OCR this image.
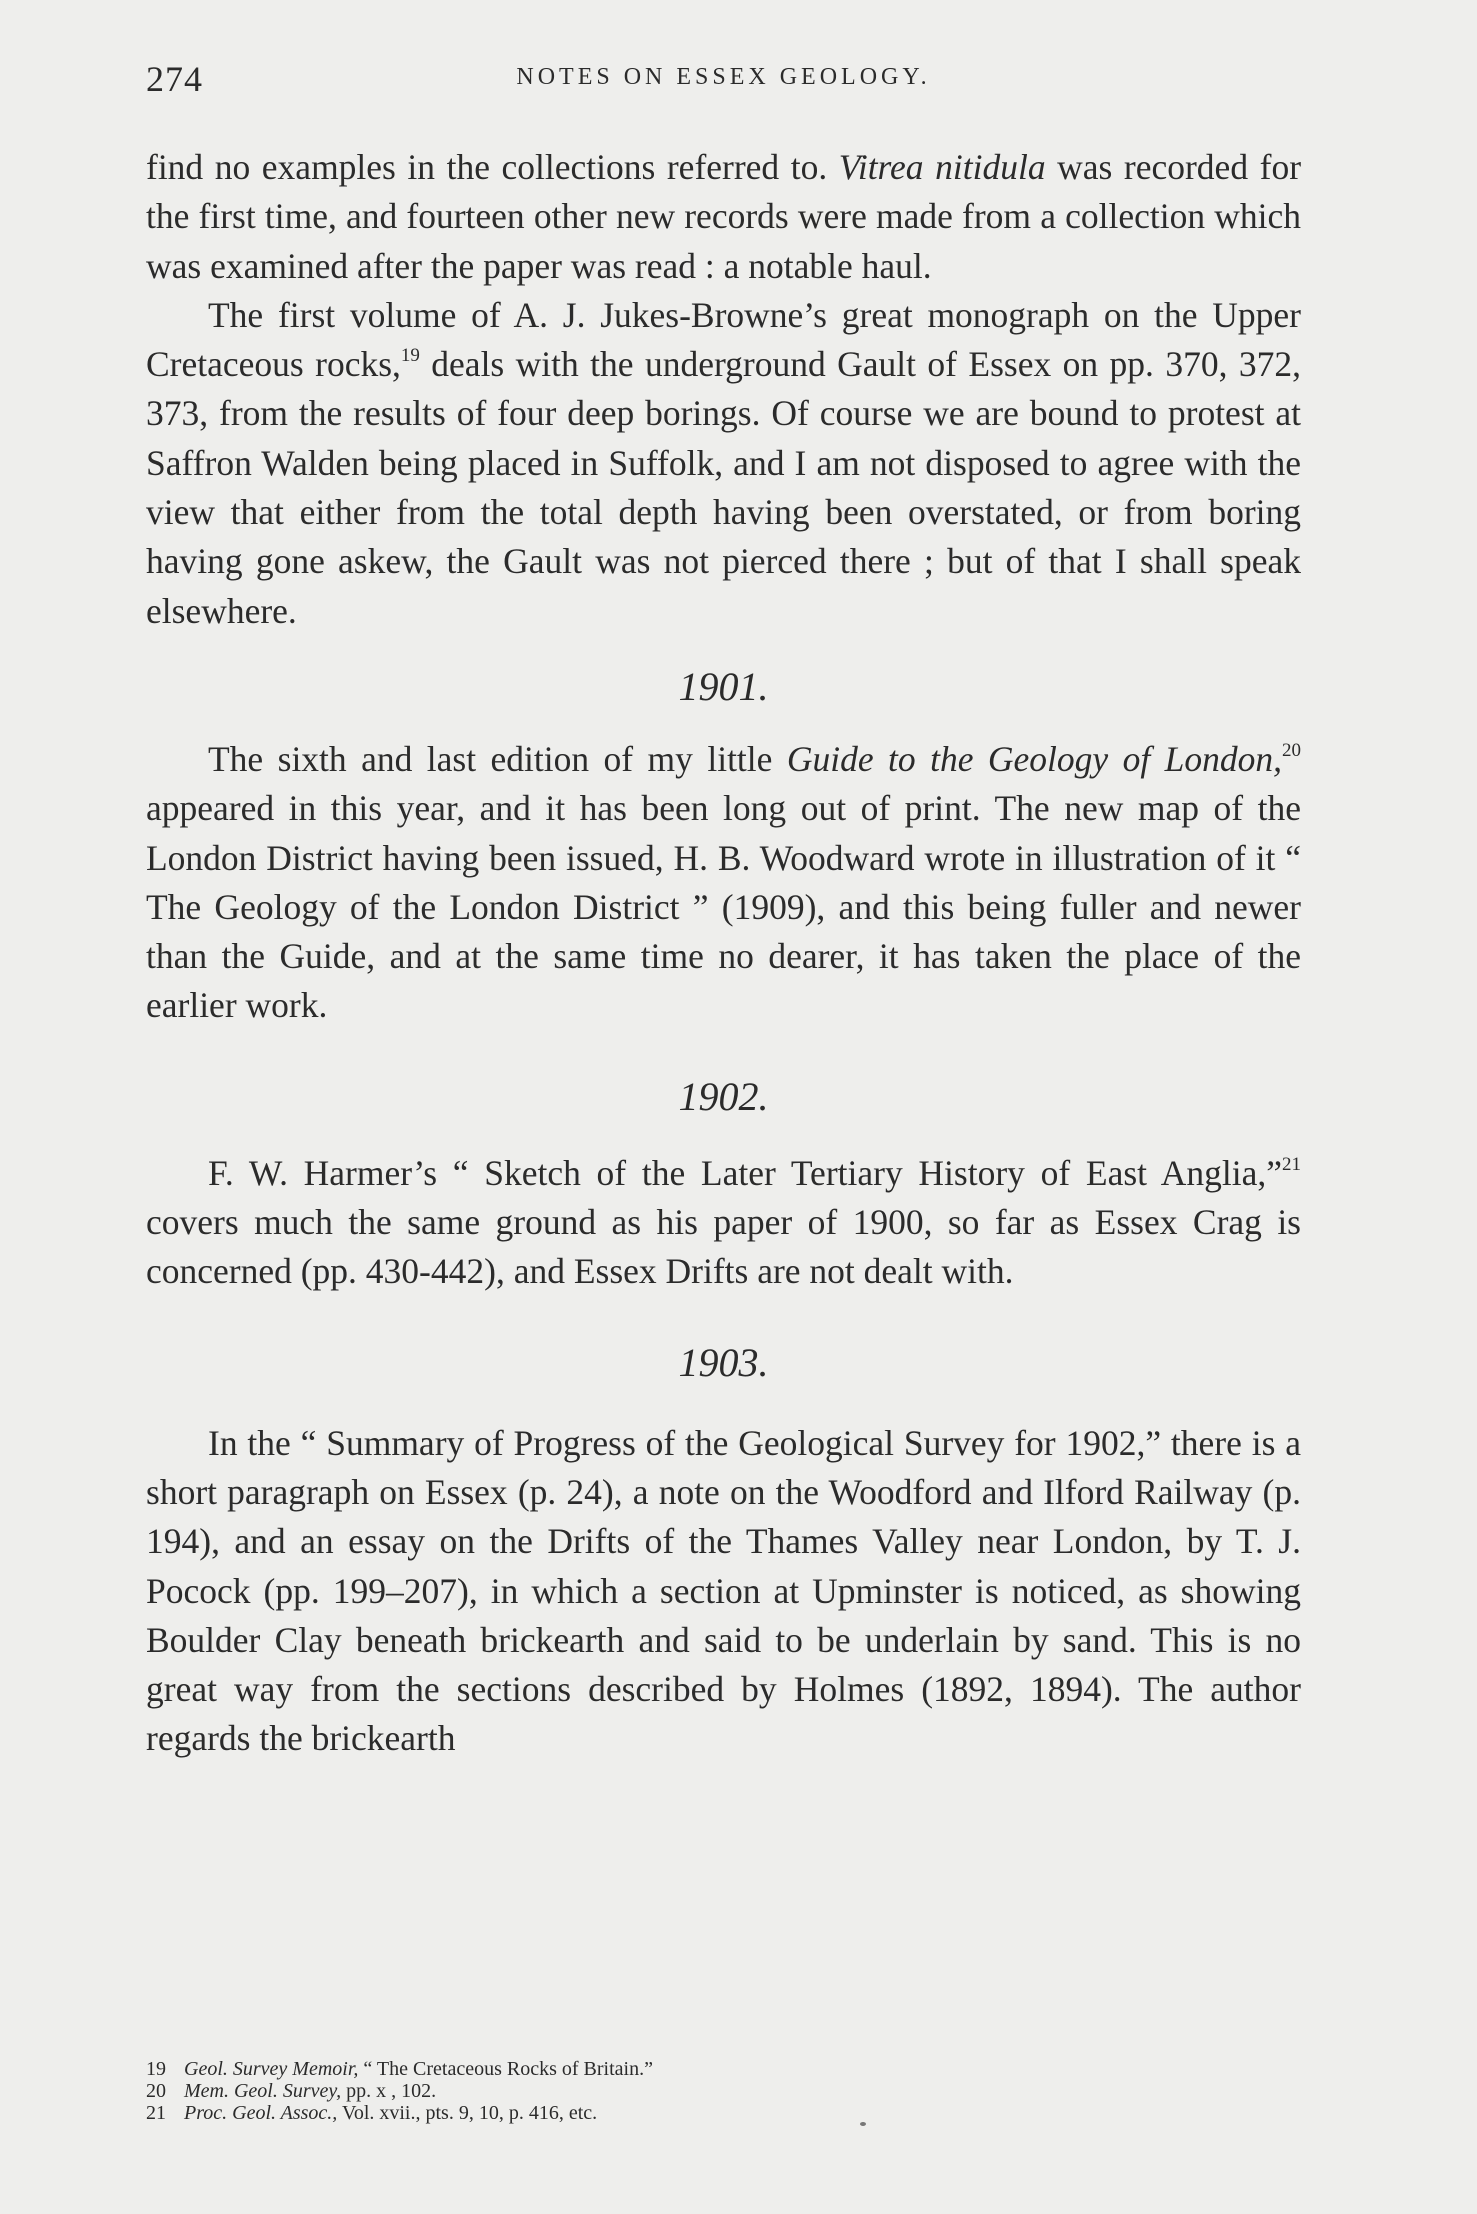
274	NOTES ON ESSEX GEOLOGY.

find no examples in the collections referred to. Vitrea nitidula was recorded for the first time, and fourteen other new records were made from a collection which was examined after the paper was read : a notable haul.

The first volume of A. J. Jukes-Browne’s great monograph on the Upper Cretaceous rocks,$^{19}$ deals with the underground Gault of Essex on pp. 370, 372, 373, from the results of four deep borings. Of course we are bound to protest at Saffron Walden being placed in Suffolk, and I am not disposed to agree with the view that either from the total depth having been overstated, or from boring having gone askew, the Gault was not pierced there ; but of that I shall speak elsewhere.

1901.

The sixth and last edition of my little Guide to the Geology of London,$^{20}$ appeared in this year, and it has been long out of print. The new map of the London District having been issued, H. B. Woodward wrote in illustration of it “ The Geology of the London District ” (1909), and this being fuller and newer than the Guide, and at the same time no dearer, it has taken the place of the earlier work.

1902.

F. W. Harmer’s “ Sketch of the Later Tertiary History of East Anglia,”$^{21}$ covers much the same ground as his paper of 1900, so far as Essex Crag is concerned (pp. 430-442), and Essex Drifts are not dealt with.

1903.

In the “ Summary of Progress of the Geological Survey for 1902,” there is a short paragraph on Essex (p. 24), a note on the Woodford and Ilford Railway (p. 194), and an essay on the Drifts of the Thames Valley near London, by T. J. Pocock (pp. 199–207), in which a section at Upminster is noticed, as showing Boulder Clay beneath brickearth and said to be underlain by sand. This is no great way from the sections described by Holmes (1892, 1894). The author regards the brickearth

19 Geol. Survey Memoir, “ The Cretaceous Rocks of Britain.”
20 Mem. Geol. Survey, pp. x , 102.
21 Proc. Geol. Assoc., Vol. xvii., pts. 9, 10, p. 416, etc.
